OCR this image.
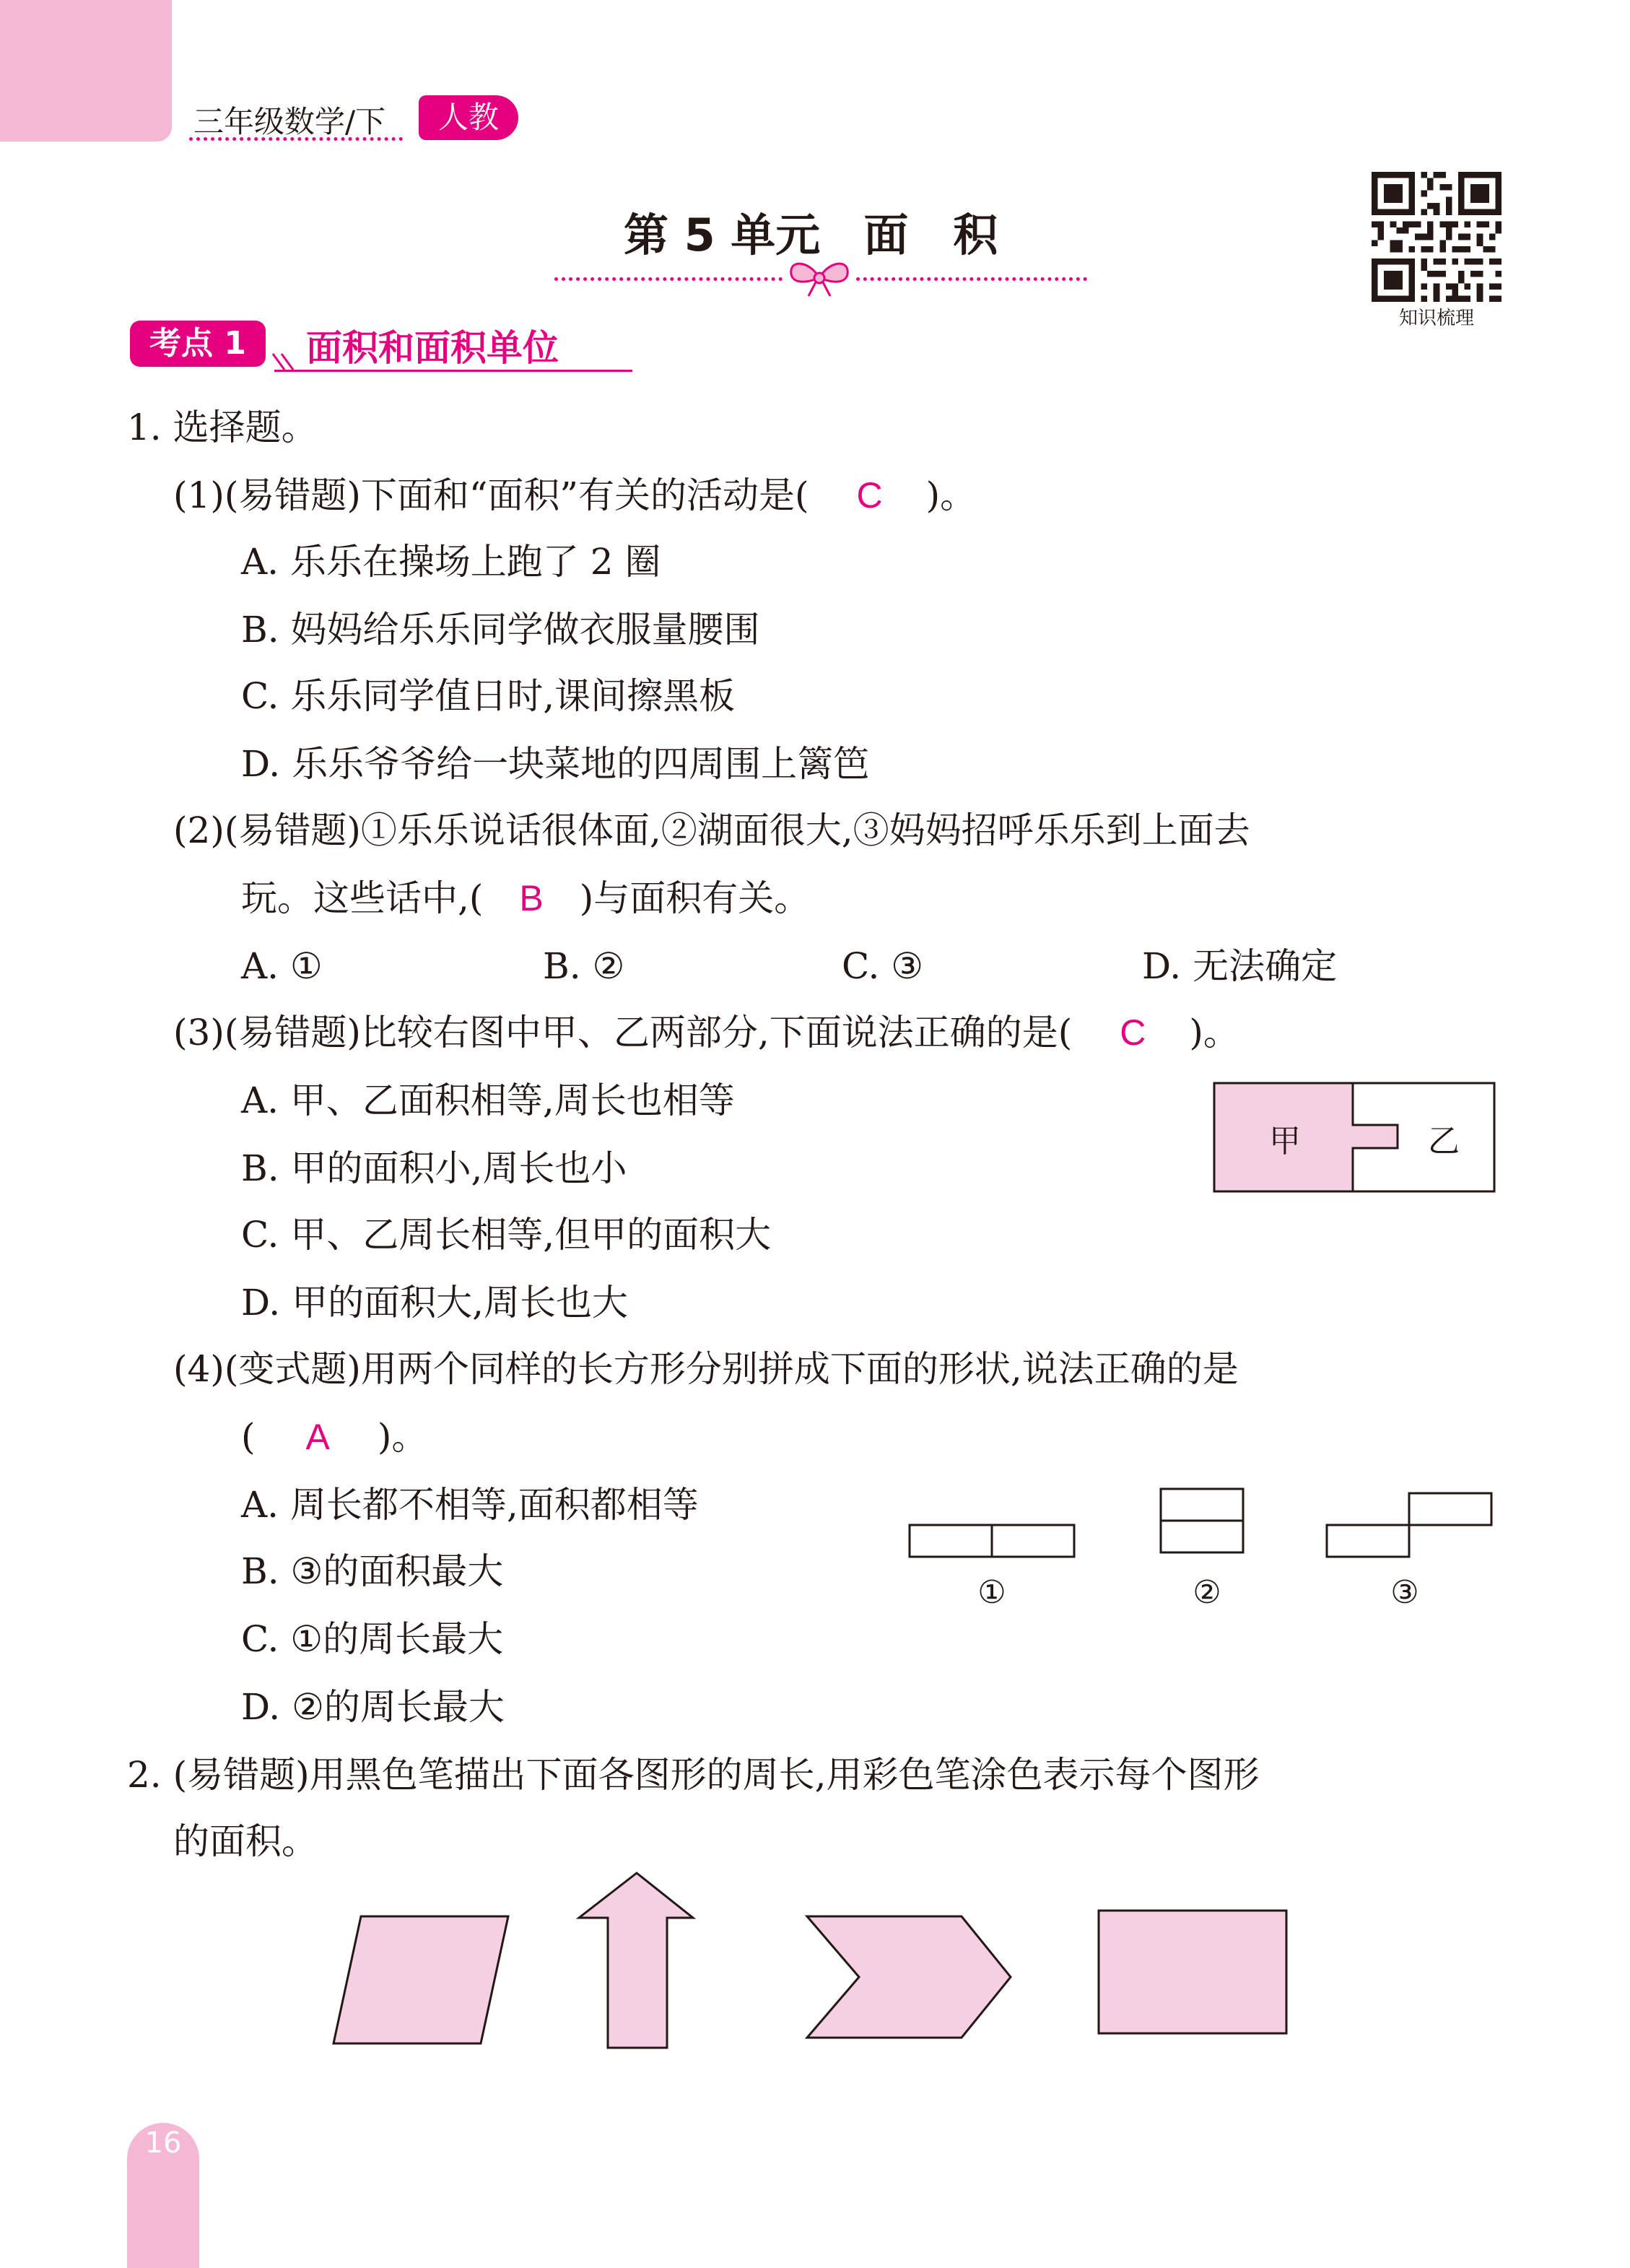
16
三年级数学/下	人教
第 5 单元 面　积
知识梳理
考点 1	面积和面积单位
1. 选择题。
(1)(易错题)下面和“面积”有关的活动是( C )。
A. 乐乐在操场上跑了 2 圈
B. 妈妈给乐乐同学做衣服量腰围
C. 乐乐同学值日时,课间擦黑板
D. 乐乐爷爷给一块菜地的四周围上篱笆
(2)(易错题)①乐乐说话很体面,②湖面很大,③妈妈招呼乐乐到上面去
玩。这些话中,( B )与面积有关。
A. ①	B. ②	C. ③	D. 无法确定
(3)(易错题)比较右图中甲、乙两部分,下面说法正确的是( C )。
A. 甲、乙面积相等,周长也相等
B. 甲的面积小,周长也小
C. 甲、乙周长相等,但甲的面积大
D. 甲的面积大,周长也大
甲	乙
(4)(变式题)用两个同样的长方形分别拼成下面的形状,说法正确的是
( A )。
A. 周长都不相等,面积都相等
B. ③的面积最大
C. ①的周长最大
D. ②的周长最大
①	②	③
2. (易错题)用黑色笔描出下面各图形的周长,用彩色笔涂色表示每个图形
的面积。
